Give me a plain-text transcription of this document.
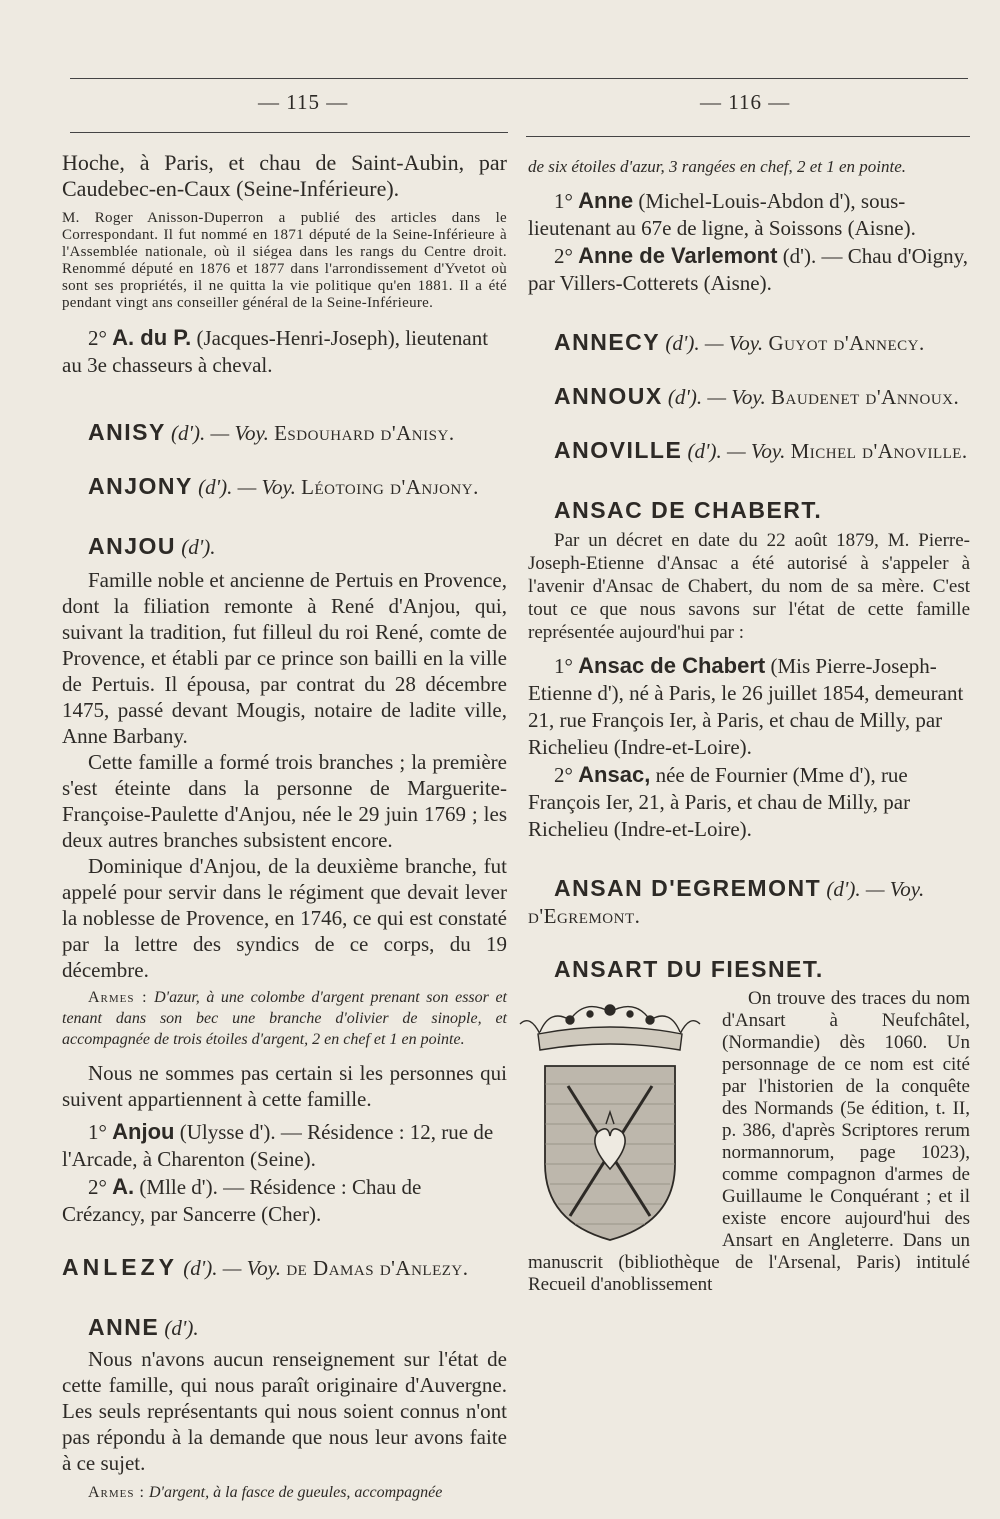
— 115 —	— 116 —

Hoche, à Paris, et chau de Saint-Aubin, par Caudebec-en-Caux (Seine-Inférieure).

M. Roger Anisson-Duperron a publié des articles dans le Correspondant. Il fut nommé en 1871 député de la Seine-Inférieure à l'Assemblée nationale, où il siégea dans les rangs du Centre droit. Renommé député en 1876 et 1877 dans l'arrondissement d'Yvetot où sont ses propriétés, il ne quitta la vie politique qu'en 1881. Il a été pendant vingt ans conseiller général de la Seine-Inférieure.

2° A. du P. (Jacques-Henri-Joseph), lieutenant au 3e chasseurs à cheval.

ANISY (d'). — Voy. Esdouhard d'Anisy.

ANJONY (d'). — Voy. Léotoing d'Anjony.

ANJOU (d').

Famille noble et ancienne de Pertuis en Provence, dont la filiation remonte à René d'Anjou, qui, suivant la tradition, fut filleul du roi René, comte de Provence, et établi par ce prince son bailli en la ville de Pertuis. Il épousa, par contrat du 28 décembre 1475, passé devant Mougis, notaire de ladite ville, Anne Barbany.

Cette famille a formé trois branches ; la première s'est éteinte dans la personne de Marguerite-Françoise-Paulette d'Anjou, née le 29 juin 1769 ; les deux autres branches subsistent encore.

Dominique d'Anjou, de la deuxième branche, fut appelé pour servir dans le régiment que devait lever la noblesse de Provence, en 1746, ce qui est constaté par la lettre des syndics de ce corps, du 19 décembre.

Armes : D'azur, à une colombe d'argent prenant son essor et tenant dans son bec une branche d'olivier de sinople, et accompagnée de trois étoiles d'argent, 2 en chef et 1 en pointe.

Nous ne sommes pas certain si les personnes qui suivent appartiennent à cette famille.

1° Anjou (Ulysse d'). — Résidence : 12, rue de l'Arcade, à Charenton (Seine).

2° A. (Mlle d'). — Résidence : Chau de Crézancy, par Sancerre (Cher).

ANLEZY (d'). — Voy. de Damas d'Anlezy.

ANNE (d').

Nous n'avons aucun renseignement sur l'état de cette famille, qui nous paraît originaire d'Auvergne. Les seuls représentants qui nous soient connus n'ont pas répondu à la demande que nous leur avons faite à ce sujet.

Armes : D'argent, à la fasce de gueules, accompagnée

de six étoiles d'azur, 3 rangées en chef, 2 et 1 en pointe.

1° Anne (Michel-Louis-Abdon d'), sous-lieutenant au 67e de ligne, à Soissons (Aisne).

2° Anne de Varlemont (d'). — Chau d'Oigny, par Villers-Cotterets (Aisne).

ANNECY (d'). — Voy. Guyot d'Annecy.

ANNOUX (d'). — Voy. Baudenet d'Annoux.

ANOVILLE (d'). — Voy. Michel d'Anoville.

ANSAC DE CHABERT.

Par un décret en date du 22 août 1879, M. Pierre-Joseph-Etienne d'Ansac a été autorisé à s'appeler à l'avenir d'Ansac de Chabert, du nom de sa mère. C'est tout ce que nous savons sur l'état de cette famille représentée aujourd'hui par :

1° Ansac de Chabert (Mis Pierre-Joseph-Etienne d'), né à Paris, le 26 juillet 1854, demeurant 21, rue François Ier, à Paris, et chau de Milly, par Richelieu (Indre-et-Loire).

2° Ansac, née de Fournier (Mme d'), rue François Ier, 21, à Paris, et chau de Milly, par Richelieu (Indre-et-Loire).

ANSAN D'EGREMONT (d'). — Voy. d'Egremont.

ANSART DU FIESNET.

On trouve des traces du nom d'Ansart à Neufchâtel, (Normandie) dès 1060. Un personnage de ce nom est cité par l'historien de la conquête des Normands (5e édition, t. II, p. 386, d'après Scriptores rerum normannorum, page 1023), comme compagnon d'armes de Guillaume le Conquérant ; et il existe encore aujourd'hui des Ansart en Angleterre. Dans un manuscrit (bibliothèque de l'Arsenal, Paris) intitulé Recueil d'anoblissement
